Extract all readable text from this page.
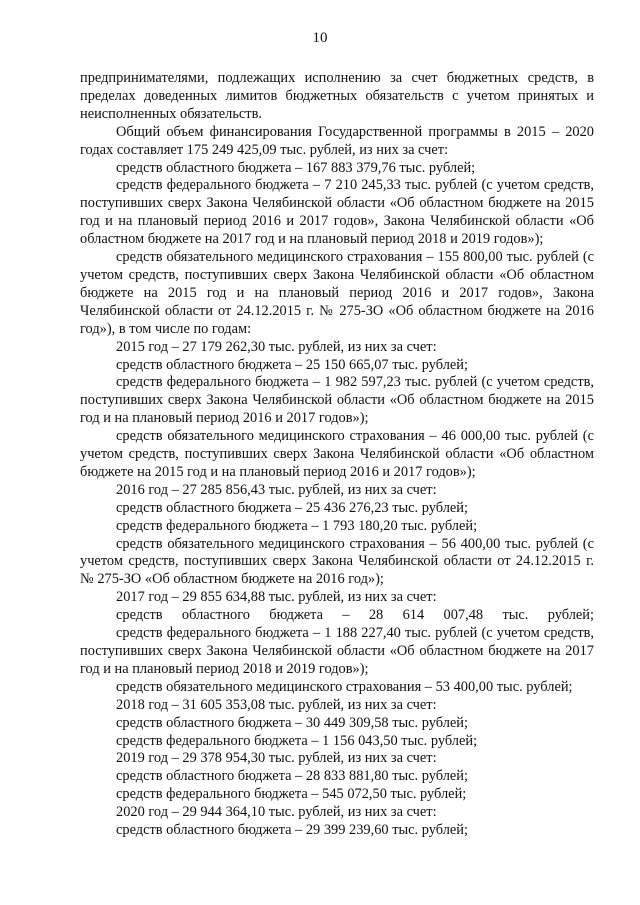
10

предпринимателями, подлежащих исполнению за счет бюджетных средств, в пределах доведенных лимитов бюджетных обязательств с учетом принятых и неисполненных обязательств.

Общий объем финансирования Государственной программы в 2015 – 2020 годах составляет 175 249 425,09 тыс. рублей, из них за счет:

средств областного бюджета – 167 883 379,76 тыс. рублей;

средств федерального бюджета – 7 210 245,33 тыс. рублей (с учетом средств, поступивших сверх Закона Челябинской области «Об областном бюджете на 2015 год и на плановый период 2016 и 2017 годов», Закона Челябинской области «Об областном бюджете на 2017 год и на плановый период 2018 и 2019 годов»);

средств обязательного медицинского страхования – 155 800,00 тыс. рублей (с учетом средств, поступивших сверх Закона Челябинской области «Об областном бюджете на 2015 год и на плановый период 2016 и 2017 годов», Закона Челябинской области от 24.12.2015 г. № 275-ЗО «Об областном бюджете на 2016 год»), в том числе по годам:

2015 год – 27 179 262,30 тыс. рублей, из них за счет:

средств областного бюджета – 25 150 665,07 тыс. рублей;

средств федерального бюджета – 1 982 597,23 тыс. рублей (с учетом средств, поступивших сверх Закона Челябинской области «Об областном бюджете на 2015 год и на плановый период 2016 и 2017 годов»);

средств обязательного медицинского страхования – 46 000,00 тыс. рублей (с учетом средств, поступивших сверх Закона Челябинской области «Об областном бюджете на 2015 год и на плановый период 2016 и 2017 годов»);

2016 год – 27 285 856,43 тыс. рублей, из них за счет:

средств областного бюджета – 25 436 276,23 тыс. рублей;

средств федерального бюджета – 1 793 180,20 тыс. рублей;

средств обязательного медицинского страхования – 56 400,00 тыс. рублей (с учетом средств, поступивших сверх Закона Челябинской области от 24.12.2015 г. № 275-ЗО «Об областном бюджете на 2016 год»);

2017 год – 29 855 634,88 тыс. рублей, из них за счет:

средств областного бюджета – 28 614 007,48 тыс. рублей;

средств федерального бюджета – 1 188 227,40 тыс. рублей (с учетом средств, поступивших сверх Закона Челябинской области «Об областном бюджете на 2017 год и на плановый период 2018 и 2019 годов»);

средств обязательного медицинского страхования – 53 400,00 тыс. рублей;

2018 год – 31 605 353,08 тыс. рублей, из них за счет:

средств областного бюджета – 30 449 309,58 тыс. рублей;

средств федерального бюджета – 1 156 043,50 тыс. рублей;

2019 год – 29 378 954,30 тыс. рублей, из них за счет:

средств областного бюджета – 28 833 881,80 тыс. рублей;

средств федерального бюджета – 545 072,50 тыс. рублей;

2020 год – 29 944 364,10 тыс. рублей, из них за счет:

средств областного бюджета – 29 399 239,60 тыс. рублей;
